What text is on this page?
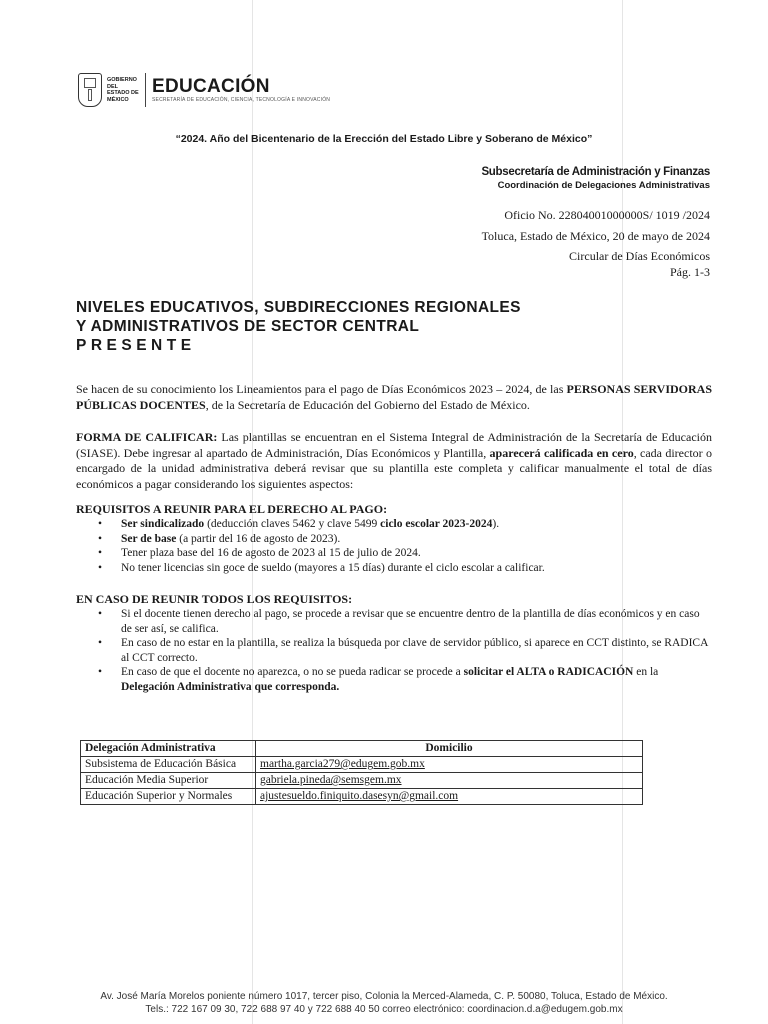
GOBIERNO DEL
ESTADO DE
MÉXICO
EDUCACIÓN
SECRETARÍA DE EDUCACIÓN, CIENCIA, TECNOLOGÍA E INNOVACIÓN
“2024. Año del Bicentenario de la Erección del Estado Libre y Soberano de México”
Subsecretaría de Administración y Finanzas
Coordinación de Delegaciones Administrativas
Oficio No. 22804001000000S/ 1019 /2024
Toluca, Estado de México, 20 de mayo de 2024
Circular de Días Económicos
Pág. 1-3
NIVELES EDUCATIVOS, SUBDIRECCIONES REGIONALES
Y ADMINISTRATIVOS DE SECTOR CENTRAL
PRESENTE
Se hacen de su conocimiento los Lineamientos para el pago de Días Económicos 2023 – 2024, de las PERSONAS SERVIDORAS PÚBLICAS DOCENTES, de la Secretaría de Educación del Gobierno del Estado de México.
FORMA DE CALIFICAR: Las plantillas se encuentran en el Sistema Integral de Administración de la Secretaría de Educación (SIASE). Debe ingresar al apartado de Administración, Días Económicos y Plantilla, aparecerá calificada en cero, cada director o encargado de la unidad administrativa deberá revisar que su plantilla este completa y calificar manualmente el total de días económicos a pagar considerando los siguientes aspectos:
REQUISITOS A REUNIR PARA EL DERECHO AL PAGO:
• Ser sindicalizado (deducción claves 5462 y clave 5499 ciclo escolar 2023-2024).
• Ser de base (a partir del 16 de agosto de 2023).
• Tener plaza base del 16 de agosto de 2023 al 15 de julio de 2024.
• No tener licencias sin goce de sueldo (mayores a 15 días) durante el ciclo escolar a calificar.
EN CASO DE REUNIR TODOS LOS REQUISITOS:
• Si el docente tienen derecho al pago, se procede a revisar que se encuentre dentro de la plantilla de días económicos y en caso de ser así, se califica.
• En caso de no estar en la plantilla, se realiza la búsqueda por clave de servidor público, si aparece en CCT distinto, se RADICA al CCT correcto.
• En caso de que el docente no aparezca, o no se pueda radicar se procede a solicitar el ALTA o RADICACIÓN en la Delegación Administrativa que corresponda.
Delegación Administrativa	Domicilio
Subsistema de Educación Básica	martha.garcia279@edugem.gob.mx
Educación Media Superior	gabriela.pineda@semsgem.mx
Educación Superior y Normales	ajustesueldo.finiquito.dasesyn@gmail.com
Av. José María Morelos poniente número 1017, tercer piso, Colonia la Merced-Alameda, C. P. 50080, Toluca, Estado de México.
Tels.: 722 167 09 30, 722 688 97 40 y 722 688 40 50 correo electrónico: coordinacion.d.a@edugem.gob.mx
